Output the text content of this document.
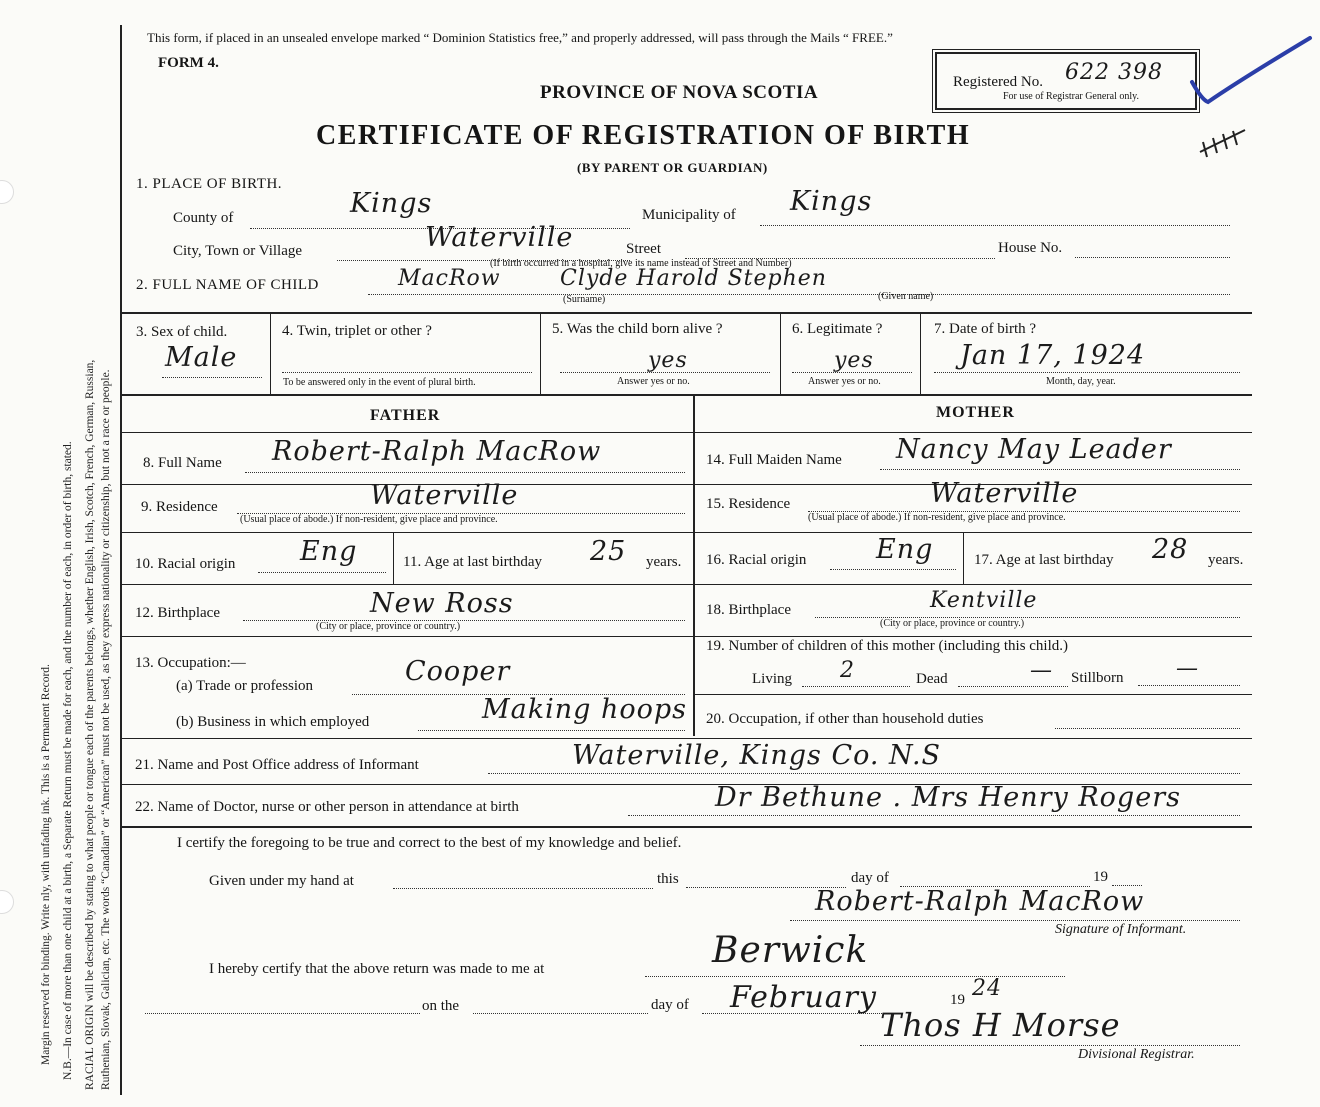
Margin reserved for binding. Write nly, with unfading ink. This is a Permanent Record. N.B.—In case of more than one child at a birth, a Separate Return must be made for each, and the number of each, in order of birth, stated. RACIAL ORIGIN will be described by stating to what people or tongue each of the parents belongs, whether English, Irish, Scotch, French, German, Russian, Ruthenian, Slovak, Galician, etc. The words “Canadian” or “American” must not be used, as they express nationality or citizenship, but not a race or people.
This form, if placed in an unsealed envelope marked “ Dominion Statistics free,” and properly addressed, will pass through the Mails “ FREE.”
FORM 4.
PROVINCE OF NOVA SCOTIA
CERTIFICATE OF REGISTRATION OF BIRTH
(BY PARENT OR GUARDIAN)
Registered No. 622 398
For use of Registrar General only.
1. PLACE OF BIRTH.
County of	Kings	Municipality of Kings
City, Town or Village	Waterville	Street	House No.
(If birth occurred in a hospital, give its name instead of Street and Number)
2. FULL NAME OF CHILD	MacRow	Clyde Harold Stephen
(Surname)	(Given name)
3. Sex of child.
Male
4. Twin, triplet or other ?
To be answered only in the event of plural birth.
5. Was the child born alive ?
yes
Answer yes or no.
6. Legitimate ?
yes
Answer yes or no.
7. Date of birth ?
Jan 17, 1924
Month, day, year.
FATHER	MOTHER
8. Full Name Robert-Ralph MacRow
9. Residence	Waterville
(Usual place of abode.) If non-resident, give place and province.
10. Racial origin Eng	11. Age at last birthday 25 years.
12. Birthplace	New Ross
(City or place, province or country.)
13. Occupation:—
(a) Trade or profession	Cooper
(b) Business in which employed	Making hoops
14. Full Maiden Name Nancy May Leader
15. Residence	Waterville
(Usual place of abode.) If non-resident, give place and province.
16. Racial origin	Eng	17. Age at last birthday 28 years.
18. Birthplace	Kentville
(City or place, province or country.)
19. Number of children of this mother (including this child.)
Living 2	Dead	— Stillborn —
20. Occupation, if other than household duties
21. Name and Post Office address of Informant	Waterville, Kings Co. N.S
22. Name of Doctor, nurse or other person in attendance at birth	Dr Bethune . Mrs Henry Rogers
I certify the foregoing to be true and correct to the best of my knowledge and belief.
Given under my hand at	this	day of	19
Robert-Ralph MacRow
Signature of Informant.
I hereby certify that the above return was made to me at	Berwick
on the	day of February	19 24
Thos H Morse
Divisional Registrar.
